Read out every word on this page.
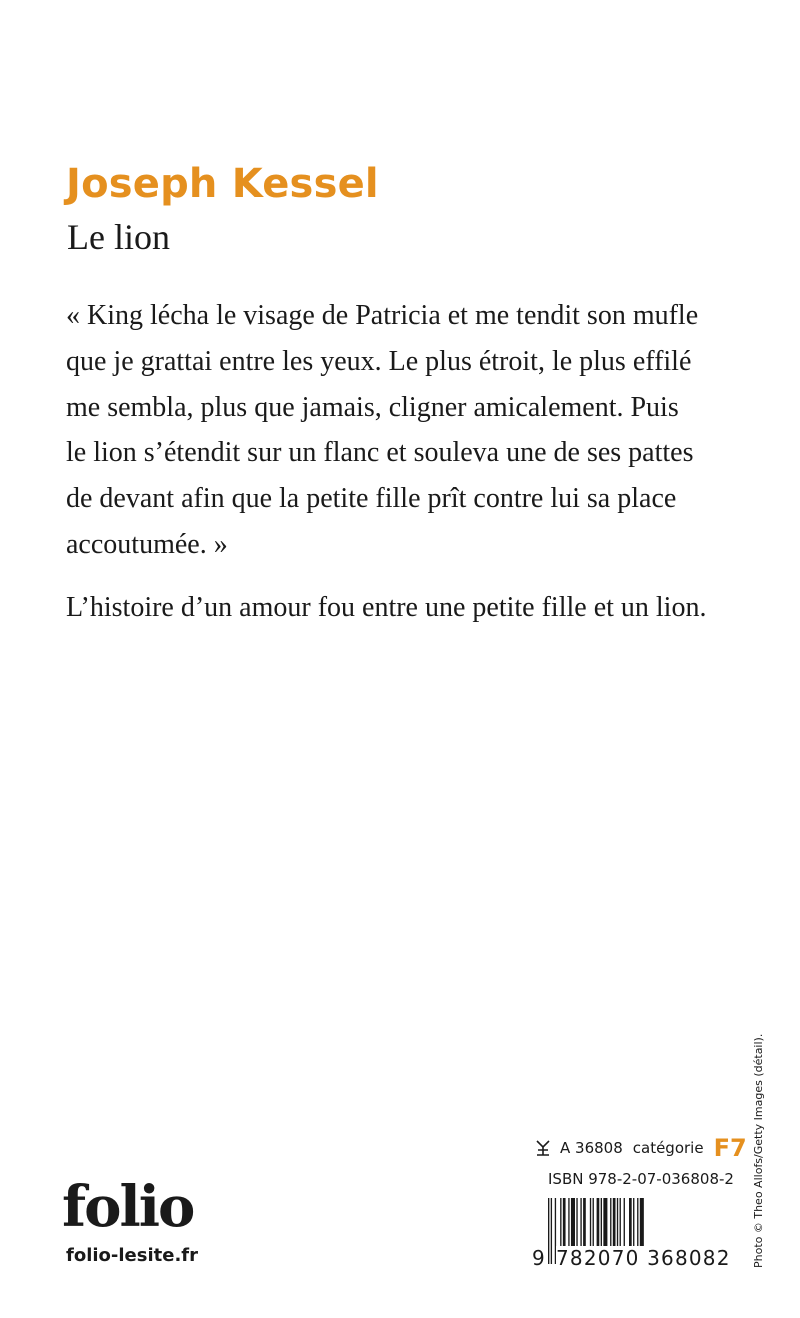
Joseph Kessel
Le lion
« King lécha le visage de Patricia et me tendit son mufle
que je grattai entre les yeux. Le plus étroit, le plus effilé
me sembla, plus que jamais, cligner amicalement. Puis
le lion s’étendit sur un flanc et souleva une de ses pattes
de devant afin que la petite fille prît contre lui sa place
accoutumée. »
L’histoire d’un amour fou entre une petite fille et un lion.
folio
folio-lesite.fr
A 36808 catégorie F7
ISBN 978-2-07-036808-2
9 782070 368082 Photo © Theo Allofs/Getty Images (détail).
